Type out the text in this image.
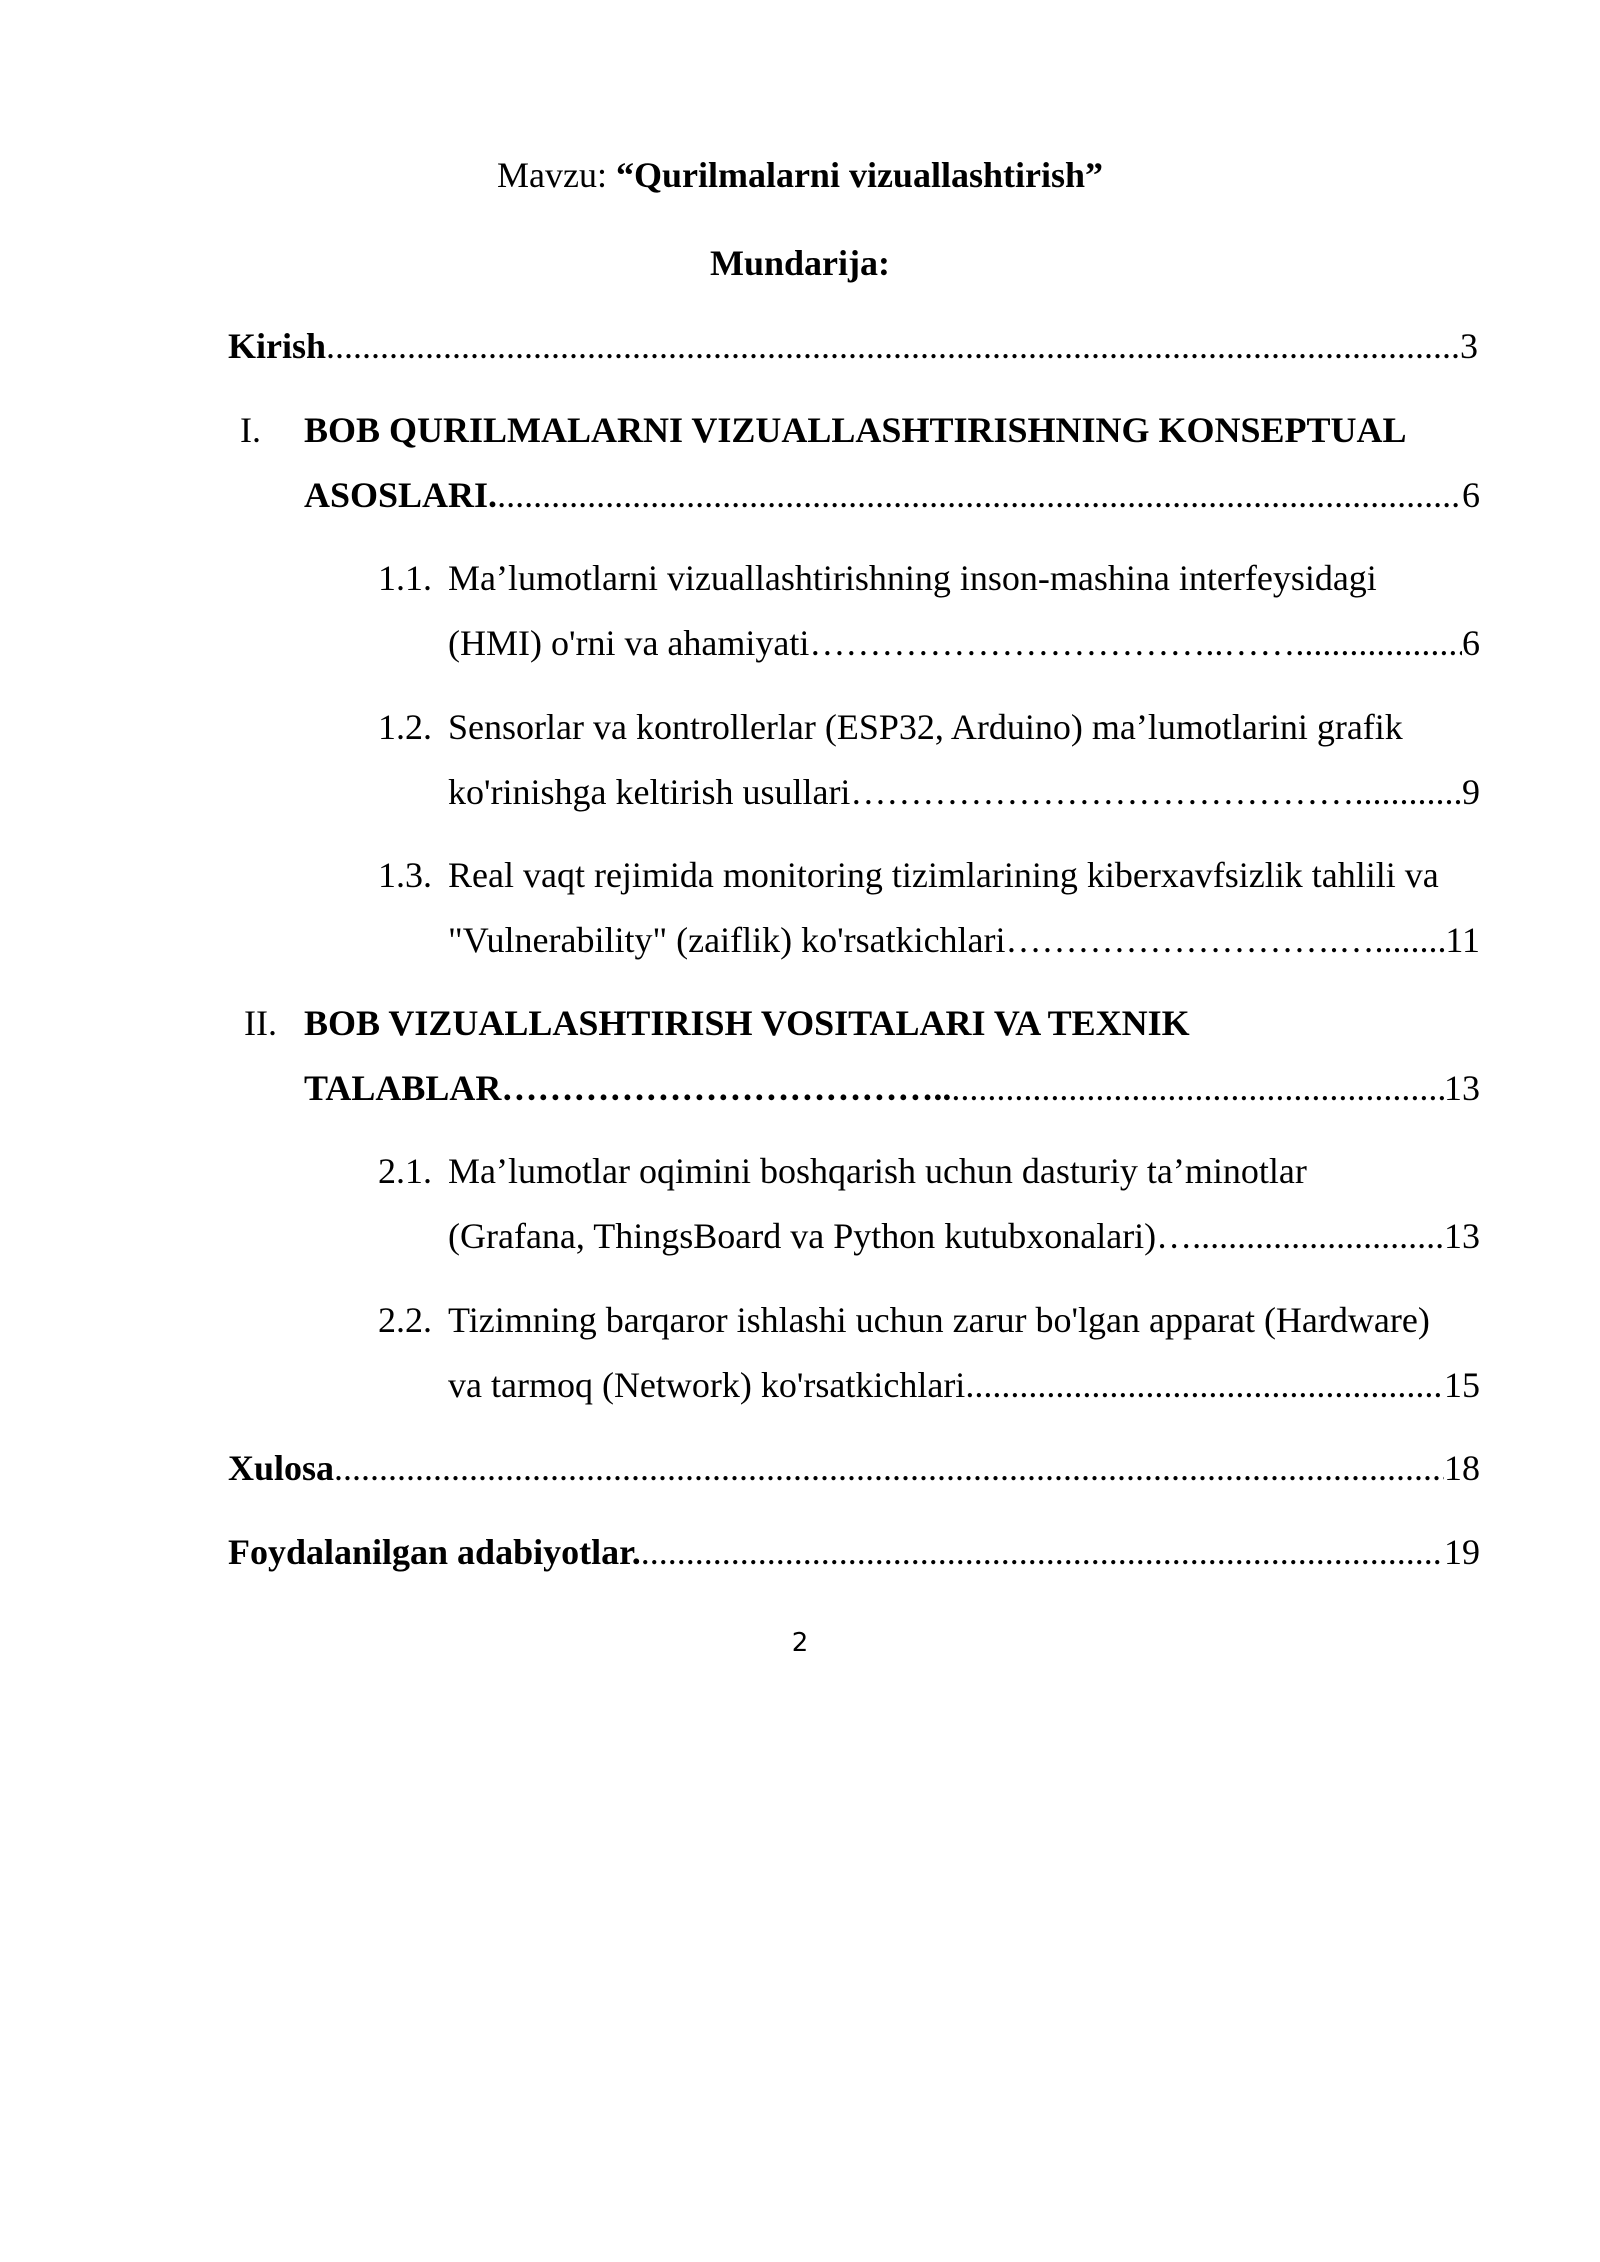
Mavzu: “Qurilmalarni vizuallashtirish”
Mundarija:
Kirish .....	3
I.	BOB QURILMALARNI VIZUALLASHTIRISHNING KONSEPTUAL
ASOSLARI. .....	6
1.1. Ma’lumotlarni vizuallashtirishning inson-mashina interfeysidagi
(HMI) o'rni va ahamiyati……………………………..…… .....	6
1.2. Sensorlar va kontrollerlar (ESP32, Arduino) ma’lumotlarini grafik
ko'rinishga keltirish usullari…………………………………… .....	9
1.3. Real vaqt rejimida monitoring tizimlarining kiberxavfsizlik tahlili va
"Vulnerability" (zaiflik) ko'rsatkichlari……………………….… ..... 11
II. BOB VIZUALLASHTIRISH VOSITALARI VA TEXNIK
TALABLAR……………………………….. .....	13
2.1. Ma’lumotlar oqimini boshqarish uchun dasturiy ta’minotlar
(Grafana, ThingsBoard va Python kutubxonalari)… .....	13
2.2. Tizimning barqaror ishlashi uchun zarur bo'lgan apparat (Hardware)
va tarmoq (Network) ko'rsatkichlari .....	15
Xulosa .....	18
Foydalanilgan adabiyotlar. .....	19
2
